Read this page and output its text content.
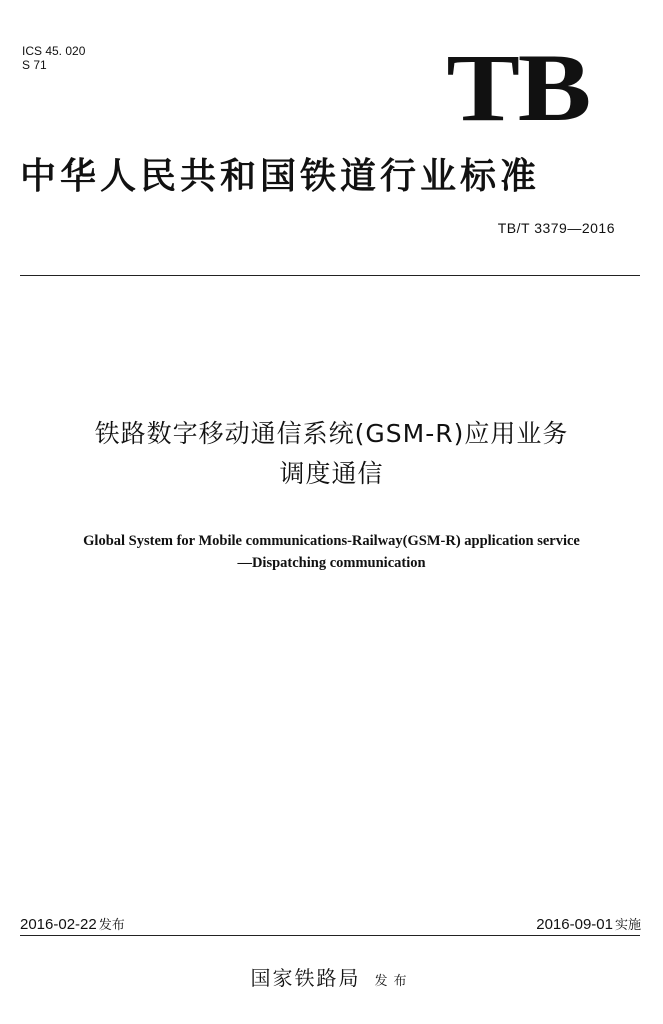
ICS 45. 020
S 71	TB
中华人民共和国铁道行业标准
TB/T 3379—2016
铁路数字移动通信系统(GSM-R)应用业务
调度通信
Global System for Mobile communications-Railway(GSM-R) application service
—Dispatching communication
2016-02-22 发布	2016-09-01 实施
国家铁路局 发布
